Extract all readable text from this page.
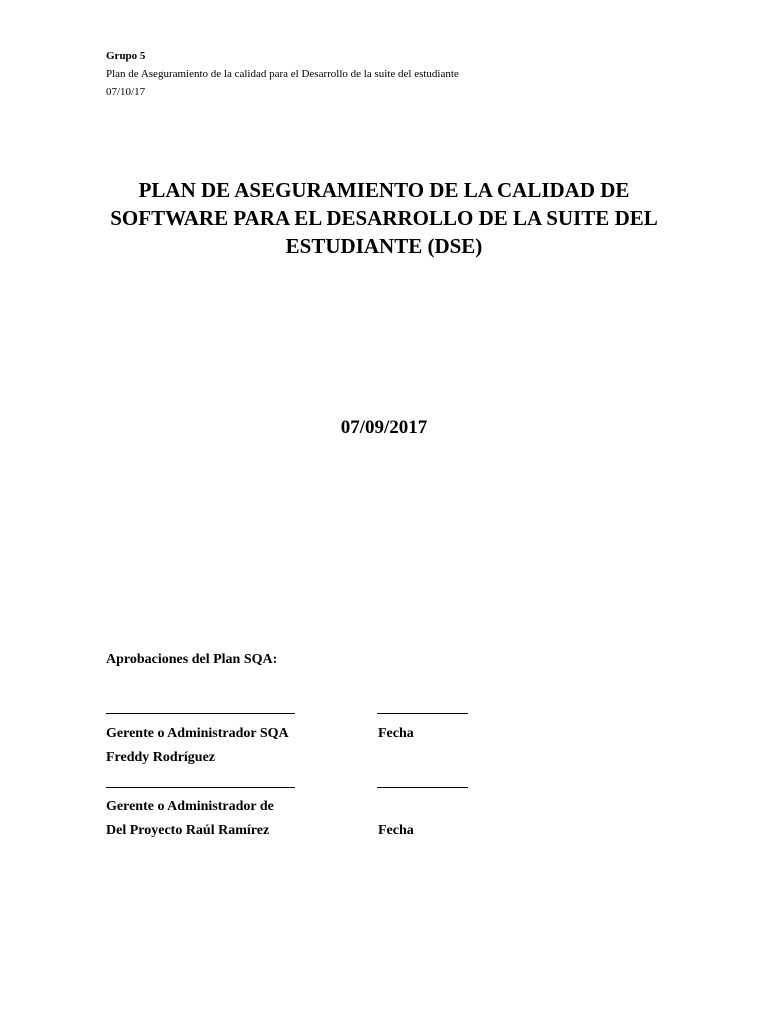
Grupo 5
Plan de Aseguramiento de la calidad para el Desarrollo de la suite del estudiante
07/10/17
PLAN DE ASEGURAMIENTO DE LA CALIDAD DE
SOFTWARE PARA EL DESARROLLO DE LA SUITE DEL
ESTUDIANTE (DSE)
07/09/2017
Aprobaciones del Plan SQA:
Gerente o Administrador SQA	Fecha
Freddy Rodríguez
Gerente o Administrador de
Del Proyecto Raúl Ramírez	Fecha
